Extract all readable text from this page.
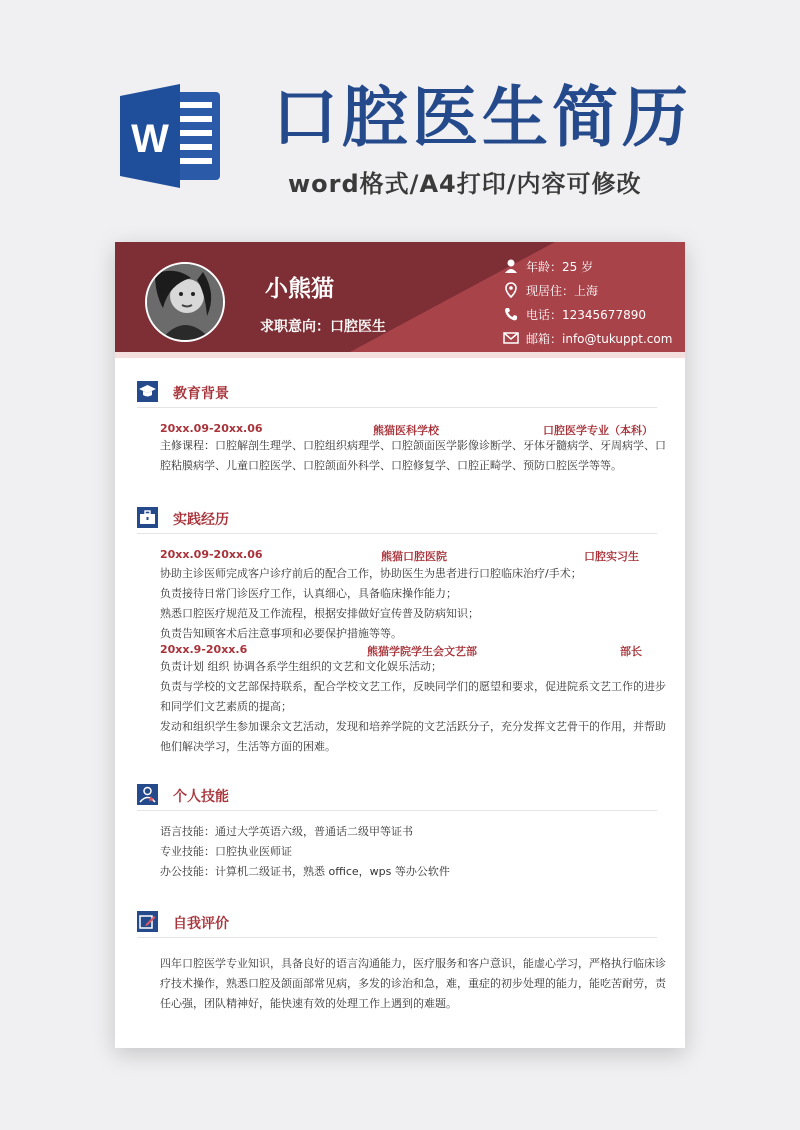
W 口腔医生简历
word格式/A4打印/内容可修改
小熊猫
求职意向：口腔医生
年龄：25 岁
现居住：上海
电话：12345677890
邮箱：info@tukuppt.com
教育背景
20xx.09-20xx.06	熊猫医科学校	口腔医学专业（本科）
主修课程：口腔解剖生理学、口腔组织病理学、口腔颌面医学影像诊断学、牙体牙髓病学、牙周病学、口
腔粘膜病学、儿童口腔医学、口腔颌面外科学、口腔修复学、口腔正畸学、预防口腔医学等等。
实践经历
20xx.09-20xx.06	熊猫口腔医院	口腔实习生
协助主诊医师完成客户诊疗前后的配合工作，协助医生为患者进行口腔临床治疗/手术；
负责接待日常门诊医疗工作，认真细心，具备临床操作能力；
熟悉口腔医疗规范及工作流程，根据安排做好宣传普及防病知识；
负责告知顾客术后注意事项和必要保护措施等等。
20xx.9-20xx.6	熊猫学院学生会文艺部	部长
负责计划 组织 协调各系学生组织的文艺和文化娱乐活动；
负责与学校的文艺部保持联系，配合学校文艺工作，反映同学们的愿望和要求，促进院系文艺工作的进步
和同学们文艺素质的提高；
发动和组织学生参加课余文艺活动，发现和培养学院的文艺活跃分子，充分发挥文艺骨干的作用，并帮助
他们解决学习，生活等方面的困难。
个人技能
语言技能：通过大学英语六级，普通话二级甲等证书
专业技能：口腔执业医师证
办公技能：计算机二级证书，熟悉 office，wps 等办公软件
自我评价
四年口腔医学专业知识，具备良好的语言沟通能力，医疗服务和客户意识，能虚心学习，严格执行临床诊
疗技术操作，熟悉口腔及颌面部常见病，多发的诊治和急，难，重症的初步处理的能力，能吃苦耐劳，责
任心强，团队精神好，能快速有效的处理工作上遇到的难题。
